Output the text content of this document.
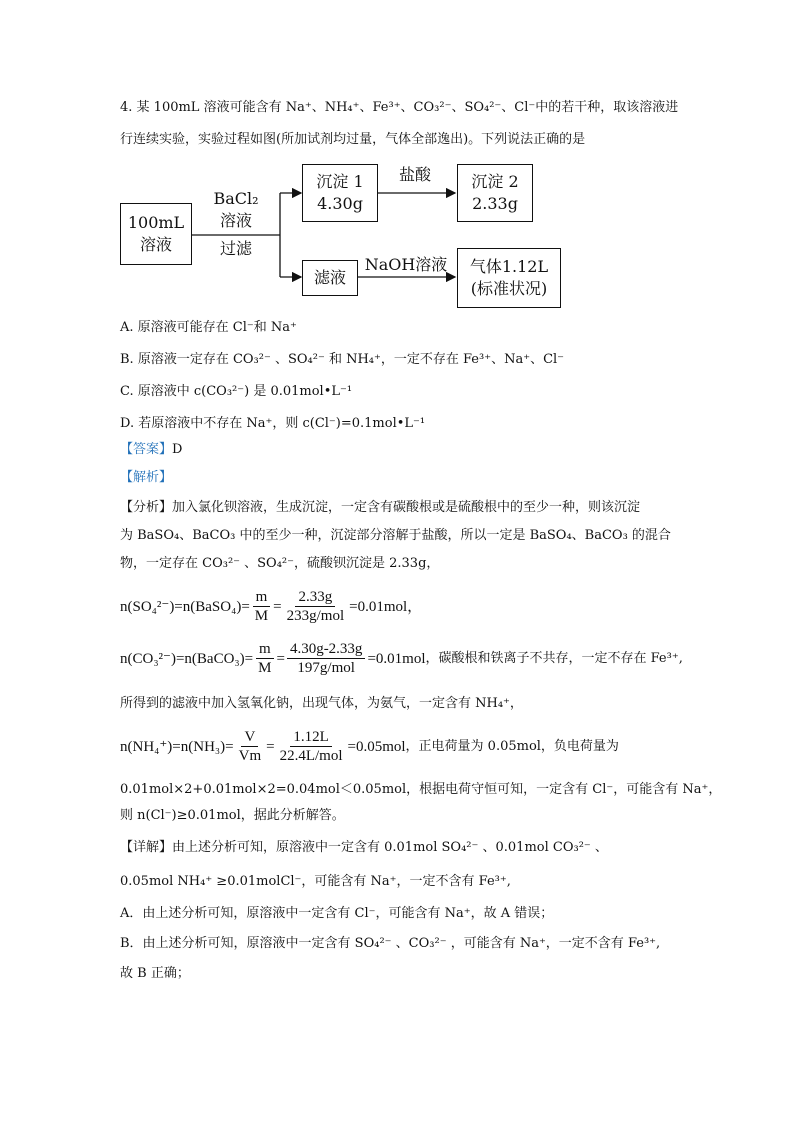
4. 某 100mL 溶液可能含有 Na⁺、NH₄⁺、Fe³⁺、CO₃²⁻、SO₄²⁻、Cl⁻中的若干种，取该溶液进
行连续实验，实验过程如图(所加试剂均过量，气体全部逸出)。下列说法正确的是
100mL
溶液
BaCl₂
溶液
过滤
沉淀 1
4.30g
盐酸	沉淀 2
2.33g
滤液
NaOH溶液 气体1.12L
(标准状况)
A. 原溶液可能存在 Cl⁻和 Na⁺
B. 原溶液一定存在 CO₃²⁻ 、SO₄²⁻ 和 NH₄⁺，一定不存在 Fe³⁺、Na⁺、Cl⁻
C. 原溶液中 c(CO₃²⁻) 是 0.01mol•L⁻¹
D. 若原溶液中不存在 Na⁺，则 c(Cl⁻)=0.1mol•L⁻¹
【答案】D
【解析】
【分析】加入氯化钡溶液，生成沉淀，一定含有碳酸根或是硫酸根中的至少一种，则该沉淀
为 BaSO₄、BaCO₃ 中的至少一种，沉淀部分溶解于盐酸，所以一定是 BaSO₄、BaCO₃ 的混合
物，一定存在 CO₃²⁻ 、SO₄²⁻，硫酸钡沉淀是 2.33g，
n(SO₄²⁻)=n(BaSO₄)= $\frac{m}{M} = \frac{2.33g}{\text{233g/mol}} =0.01mol$，
n(CO₃²⁻)=n(BaCO₃)= $\frac{m}{M} = \frac{4.30g-2.33g}{\text{197g/mol}} =0.01mol$ ，碳酸根和铁离子不共存，一定不存在 Fe³⁺,
所得到的滤液中加入氢氧化钠，出现气体，为氨气，一定含有 NH₄⁺，
$n(NH_4^+)=n(NH_3)= \frac{V}{Vm} = \frac{1.12L}{\text{22.4L/mol}} =0.05mol$ ，正电荷量为 0.05mol，负电荷量为
0.01mol×2+0.01mol×2=0.04mol＜0.05mol，根据电荷守恒可知，一定含有 Cl⁻，可能含有 Na⁺，
则 n(Cl⁻)≥0.01mol，据此分析解答。
【详解】由上述分析可知，原溶液中一定含有 0.01mol SO₄²⁻ 、0.01mol CO₃²⁻ 、
0.05mol NH₄⁺ ≥0.01molCl⁻，可能含有 Na⁺，一定不含有 Fe³⁺,
A．由上述分析可知，原溶液中一定含有 Cl⁻，可能含有 Na⁺，故 A 错误；
B．由上述分析可知，原溶液中一定含有 SO₄²⁻ 、CO₃²⁻ ，可能含有 Na⁺，一定不含有 Fe³⁺,
故 B 正确；
